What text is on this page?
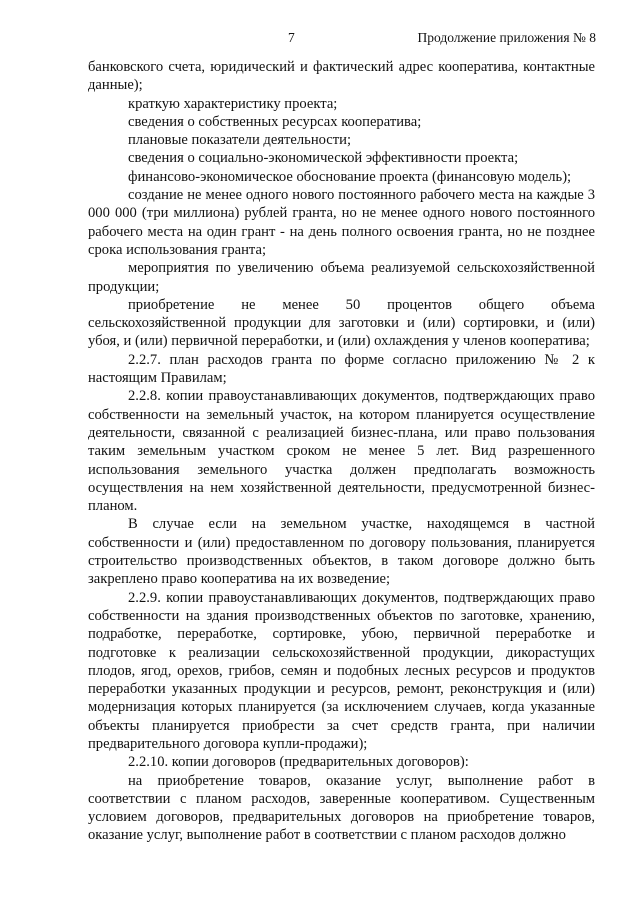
7	Продолжение приложения № 8

банковского счета, юридический и фактический адрес кооператива, контактные данные);

краткую характеристику проекта;

сведения о собственных ресурсах кооператива;

плановые показатели деятельности;

сведения о социально-экономической эффективности проекта;

финансово-экономическое обоснование проекта (финансовую модель);

создание не менее одного нового постоянного рабочего места на каждые 3 000 000 (три миллиона) рублей гранта, но не менее одного нового постоянного рабочего места на один грант - на день полного освоения гранта, но не позднее срока использования гранта;

мероприятия по увеличению объема реализуемой сельскохозяйственной продукции;

приобретение не менее 50 процентов общего объема сельскохозяйственной продукции для заготовки и (или) сортировки, и (или) убоя, и (или) первичной переработки, и (или) охлаждения у членов кооператива;

2.2.7. план расходов гранта по форме согласно приложению № 2 к настоящим Правилам;

2.2.8. копии правоустанавливающих документов, подтверждающих право собственности на земельный участок, на котором планируется осуществление деятельности, связанной с реализацией бизнес-плана, или право пользования таким земельным участком сроком не менее 5 лет. Вид разрешенного использования земельного участка должен предполагать возможность осуществления на нем хозяйственной деятельности, предусмотренной бизнес-планом.

В случае если на земельном участке, находящемся в частной собственности и (или) предоставленном по договору пользования, планируется строительство производственных объектов, в таком договоре должно быть закреплено право кооператива на их возведение;

2.2.9. копии правоустанавливающих документов, подтверждающих право собственности на здания производственных объектов по заготовке, хранению, подработке, переработке, сортировке, убою, первичной переработке и подготовке к реализации сельскохозяйственной продукции, дикорастущих плодов, ягод, орехов, грибов, семян и подобных лесных ресурсов и продуктов переработки указанных продукции и ресурсов, ремонт, реконструкция и (или) модернизация которых планируется (за исключением случаев, когда указанные объекты планируется приобрести за счет средств гранта, при наличии предварительного договора купли-продажи);

2.2.10. копии договоров (предварительных договоров):

на приобретение товаров, оказание услуг, выполнение работ в соответствии с планом расходов, заверенные кооперативом. Существенным условием договоров, предварительных договоров на приобретение товаров, оказание услуг, выполнение работ в соответствии с планом расходов должно
